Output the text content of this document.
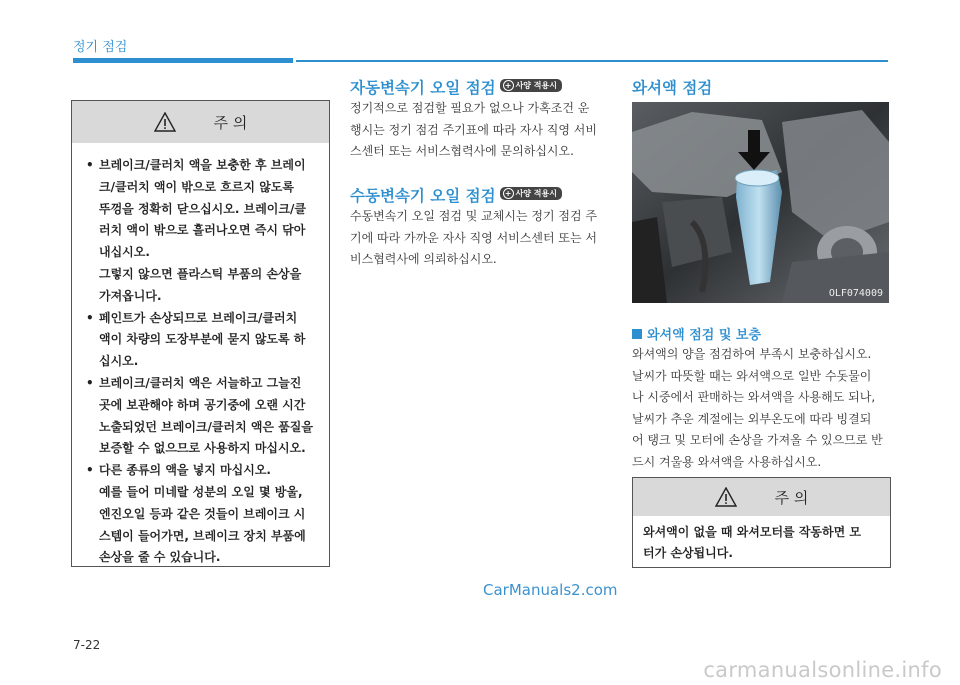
정기 점검
주 의
• 브레이크/클러치 액을 보충한 후 브레이
크/클러치 액이 밖으로 흐르지 않도록
뚜껑을 정확히 닫으십시오. 브레이크/클
러치 액이 밖으로 흘러나오면 즉시 닦아
내십시오.
그렇지 않으면 플라스틱 부품의 손상을
가져옵니다.
• 페인트가 손상되므로 브레이크/클러치
액이 차량의 도장부분에 묻지 않도록 하
십시오.
• 브레이크/클러치 액은 서늘하고 그늘진
곳에 보관해야 하며 공기중에 오랜 시간
노출되었던 브레이크/클러치 액은 품질을
보증할 수 없으므로 사용하지 마십시오.
• 다른 종류의 액을 넣지 마십시오.
예를 들어 미네랄 성분의 오일 몇 방울,
엔진오일 등과 같은 것들이 브레이크 시
스템이 들어가면, 브레이크 장치 부품에
손상을 줄 수 있습니다.
자동변속기 오일 점검 + 사양 적용시
정기적으로 점검할 필요가 없으나 가혹조건 운
행시는 정기 점검 주기표에 따라 자사 직영 서비
스센터 또는 서비스협력사에 문의하십시오.
수동변속기 오일 점검 + 사양 적용시
수동변속기 오일 점검 및 교체시는 정기 점검 주
기에 따라 가까운 자사 직영 서비스센터 또는 서
비스협력사에 의뢰하십시오.
와셔액 점검
OLF074009
와셔액 점검 및 보충
와셔액의 양을 점검하여 부족시 보충하십시오.
날씨가 따뜻할 때는 와셔액으로 일반 수돗물이
나 시중에서 판매하는 와셔액을 사용해도 되나,
날씨가 추운 계절에는 외부온도에 따라 빙결되
어 탱크 및 모터에 손상을 가져올 수 있으므로 반
드시 겨울용 와셔액을 사용하십시오.
주 의
와셔액이 없을 때 와셔모터를 작동하면 모
터가 손상됩니다.
CarManuals2.com
7-22
carmanualsonline.info
